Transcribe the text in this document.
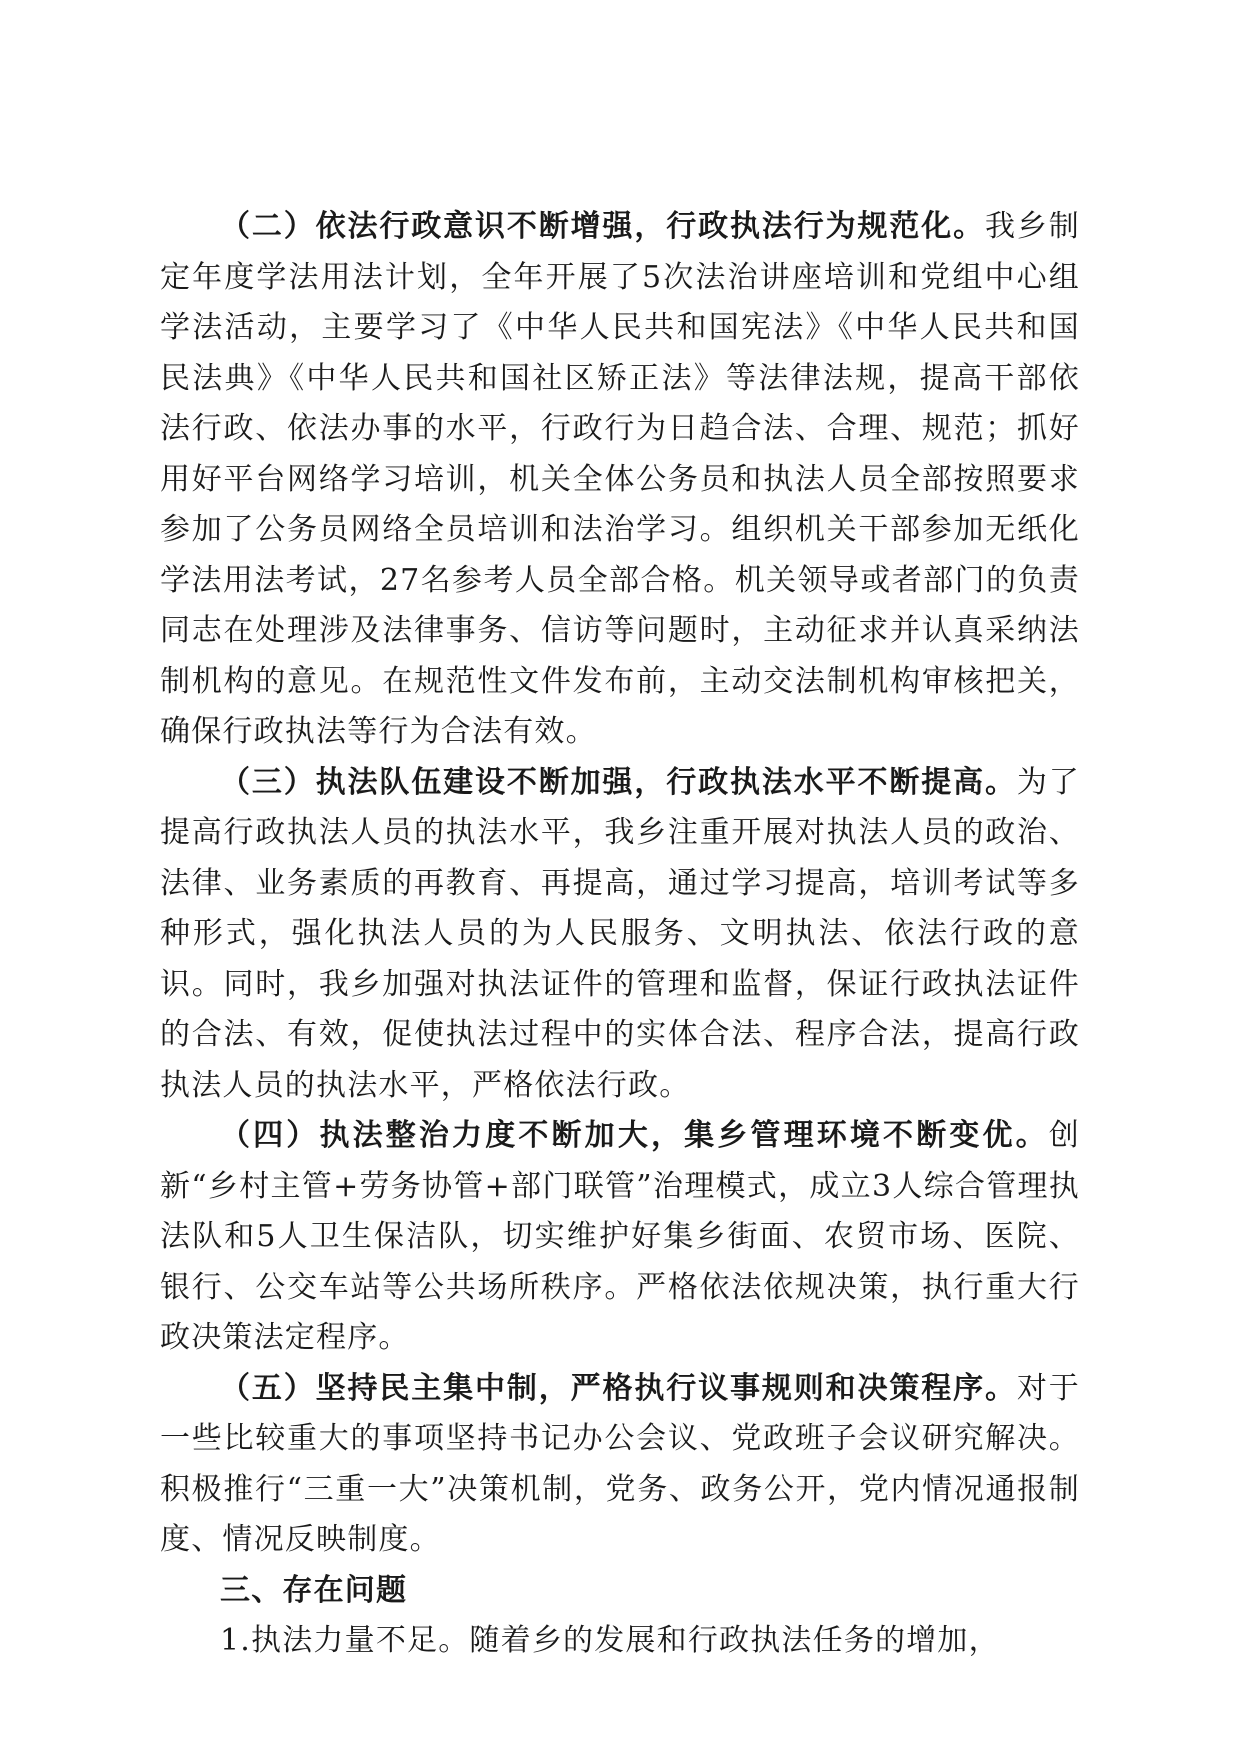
（二）依法行政意识不断增强，行政执法行为规范化。我乡制定年度学法用法计划，全年开展了5次法治讲座培训和党组中心组学法活动，主要学习了《中华人民共和国宪法》《中华人民共和国民法典》《中华人民共和国社区矫正法》等法律法规，提高干部依法行政、依法办事的水平，行政行为日趋合法、合理、规范；抓好用好平台网络学习培训，机关全体公务员和执法人员全部按照要求参加了公务员网络全员培训和法治学习。组织机关干部参加无纸化学法用法考试，27名参考人员全部合格。机关领导或者部门的负责同志在处理涉及法律事务、信访等问题时，主动征求并认真采纳法制机构的意见。在规范性文件发布前，主动交法制机构审核把关，确保行政执法等行为合法有效。

（三）执法队伍建设不断加强，行政执法水平不断提高。为了提高行政执法人员的执法水平，我乡注重开展对执法人员的政治、法律、业务素质的再教育、再提高，通过学习提高，培训考试等多种形式，强化执法人员的为人民服务、文明执法、依法行政的意识。同时，我乡加强对执法证件的管理和监督，保证行政执法证件的合法、有效，促使执法过程中的实体合法、程序合法，提高行政执法人员的执法水平，严格依法行政。

（四）执法整治力度不断加大，集乡管理环境不断变优。创新“乡村主管+劳务协管+部门联管”治理模式，成立3人综合管理执法队和5人卫生保洁队，切实维护好集乡街面、农贸市场、医院、银行、公交车站等公共场所秩序。严格依法依规决策，执行重大行政决策法定程序。

（五）坚持民主集中制，严格执行议事规则和决策程序。对于一些比较重大的事项坚持书记办公会议、党政班子会议研究解决。积极推行“三重一大”决策机制，党务、政务公开，党内情况通报制度、情况反映制度。

三、存在问题

1.执法力量不足。随着乡的发展和行政执法任务的增加，
